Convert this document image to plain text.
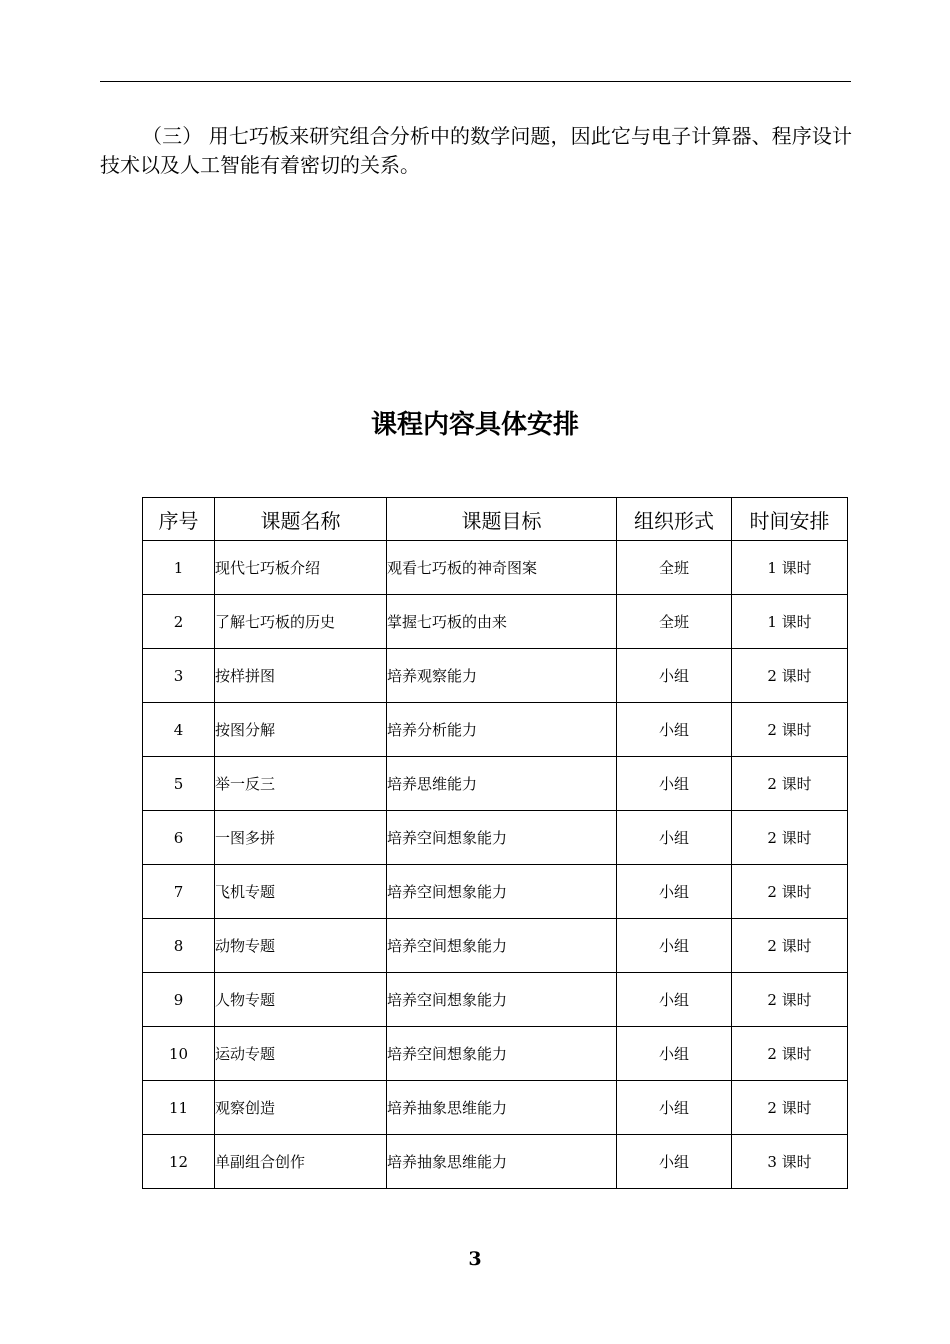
（三） 用七巧板来研究组合分析中的数学问题，因此它与电子计算器、程序设计技术以及人工智能有着密切的关系。

课程内容具体安排
序号	课题名称	课题目标	组织形式	时间安排
1	现代七巧板介绍	观看七巧板的神奇图案	全班	1 课时
2	了解七巧板的历史	掌握七巧板的由来	全班	1 课时
3	按样拼图	培养观察能力	小组	2 课时
4	按图分解	培养分析能力	小组	2 课时
5	举一反三	培养思维能力	小组	2 课时
6	一图多拼	培养空间想象能力	小组	2 课时
7	飞机专题	培养空间想象能力	小组	2 课时
8	动物专题	培养空间想象能力	小组	2 课时
9	人物专题	培养空间想象能力	小组	2 课时
10	运动专题	培养空间想象能力	小组	2 课时
11	观察创造	培养抽象思维能力	小组	2 课时
12	单副组合创作	培养抽象思维能力	小组	3 课时
3
